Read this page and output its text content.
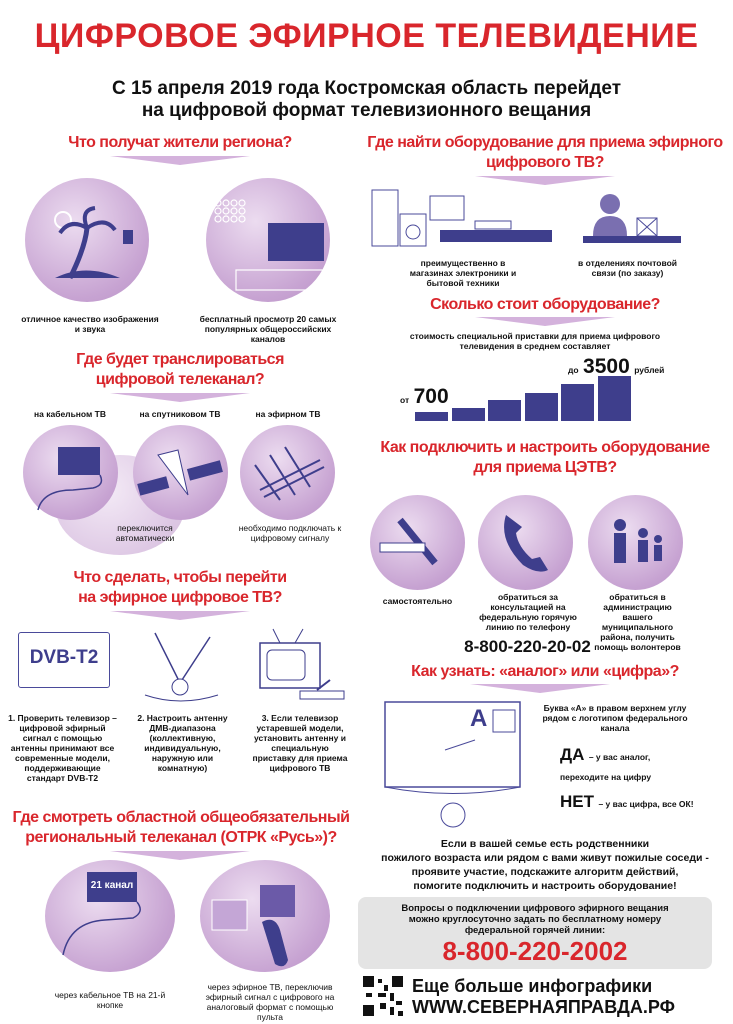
ЦИФРОВОЕ ЭФИРНОЕ ТЕЛЕВИДЕНИЕ
С 15 апреля 2019 года Костромская область перейдет
на цифровой формат телевизионного вещания
Что получат жители региона?
отличное качество изображения и звука
бесплатный просмотр 20 самых популярных общероссийских каналов
Где будет транслироваться
цифровой телеканал?
на кабельном ТВ	на спутниковом ТВ	на эфирном ТВ
переключится автоматически
необходимо подключать к цифровому сигналу
Что сделать, чтобы перейти
на эфирное цифровое ТВ?
DVB-T2
1. Проверить телевизор – цифровой эфирный сигнал с помощью антенны принимают все современные модели, поддерживающие стандарт DVB-T2
2. Настроить антенну ДМВ-диапазона (коллективную, индивидуальную, наружную или комнатную)
3. Если телевизор устаревшей модели, установить антенну и специальную приставку для приема цифрового ТВ
Где смотреть областной общеобязательный
региональный телеканал (ОТРК «Русь»)?
21 канал
через кабельное ТВ на 21-й кнопке
через эфирное ТВ, переключив эфирный сигнал с цифрового на аналоговый формат с помощью пульта
Где найти оборудование для приема эфирного
цифрового ТВ?
преимущественно в магазинах электроники и бытовой техники
в отделениях почтовой связи (по заказу)
Сколько стоит оборудование?
стоимость специальной приставки для приема цифрового телевидения в среднем составляет
от 700
до 3500 рублей
Как подключить и настроить оборудование
для приема ЦЭТВ?
самостоятельно	обратиться за консультацией на федеральную горячую линию по телефону
8-800-220-20-02
обратиться в администрацию вашего муниципального района, получить помощь волонтеров
Как узнать: «аналог» или «цифра»?
А	Буква «А» в правом верхнем углу рядом с логотипом федерального канала
ДА – у вас аналог, переходите на цифру
НЕТ – у вас цифра, все ОК!
Если в вашей семье есть родственники
пожилого возраста или рядом с вами живут пожилые соседи -
проявите участие, подскажите алгоритм действий,
помогите подключить и настроить оборудование!
Вопросы о подключении цифрового эфирного вещания можно круглосуточно задать по бесплатному номеру федеральной горячей линии:
8-800-220-2002
Еще больше инфографики
WWW.СЕВЕРНАЯПРАВДА.РФ
